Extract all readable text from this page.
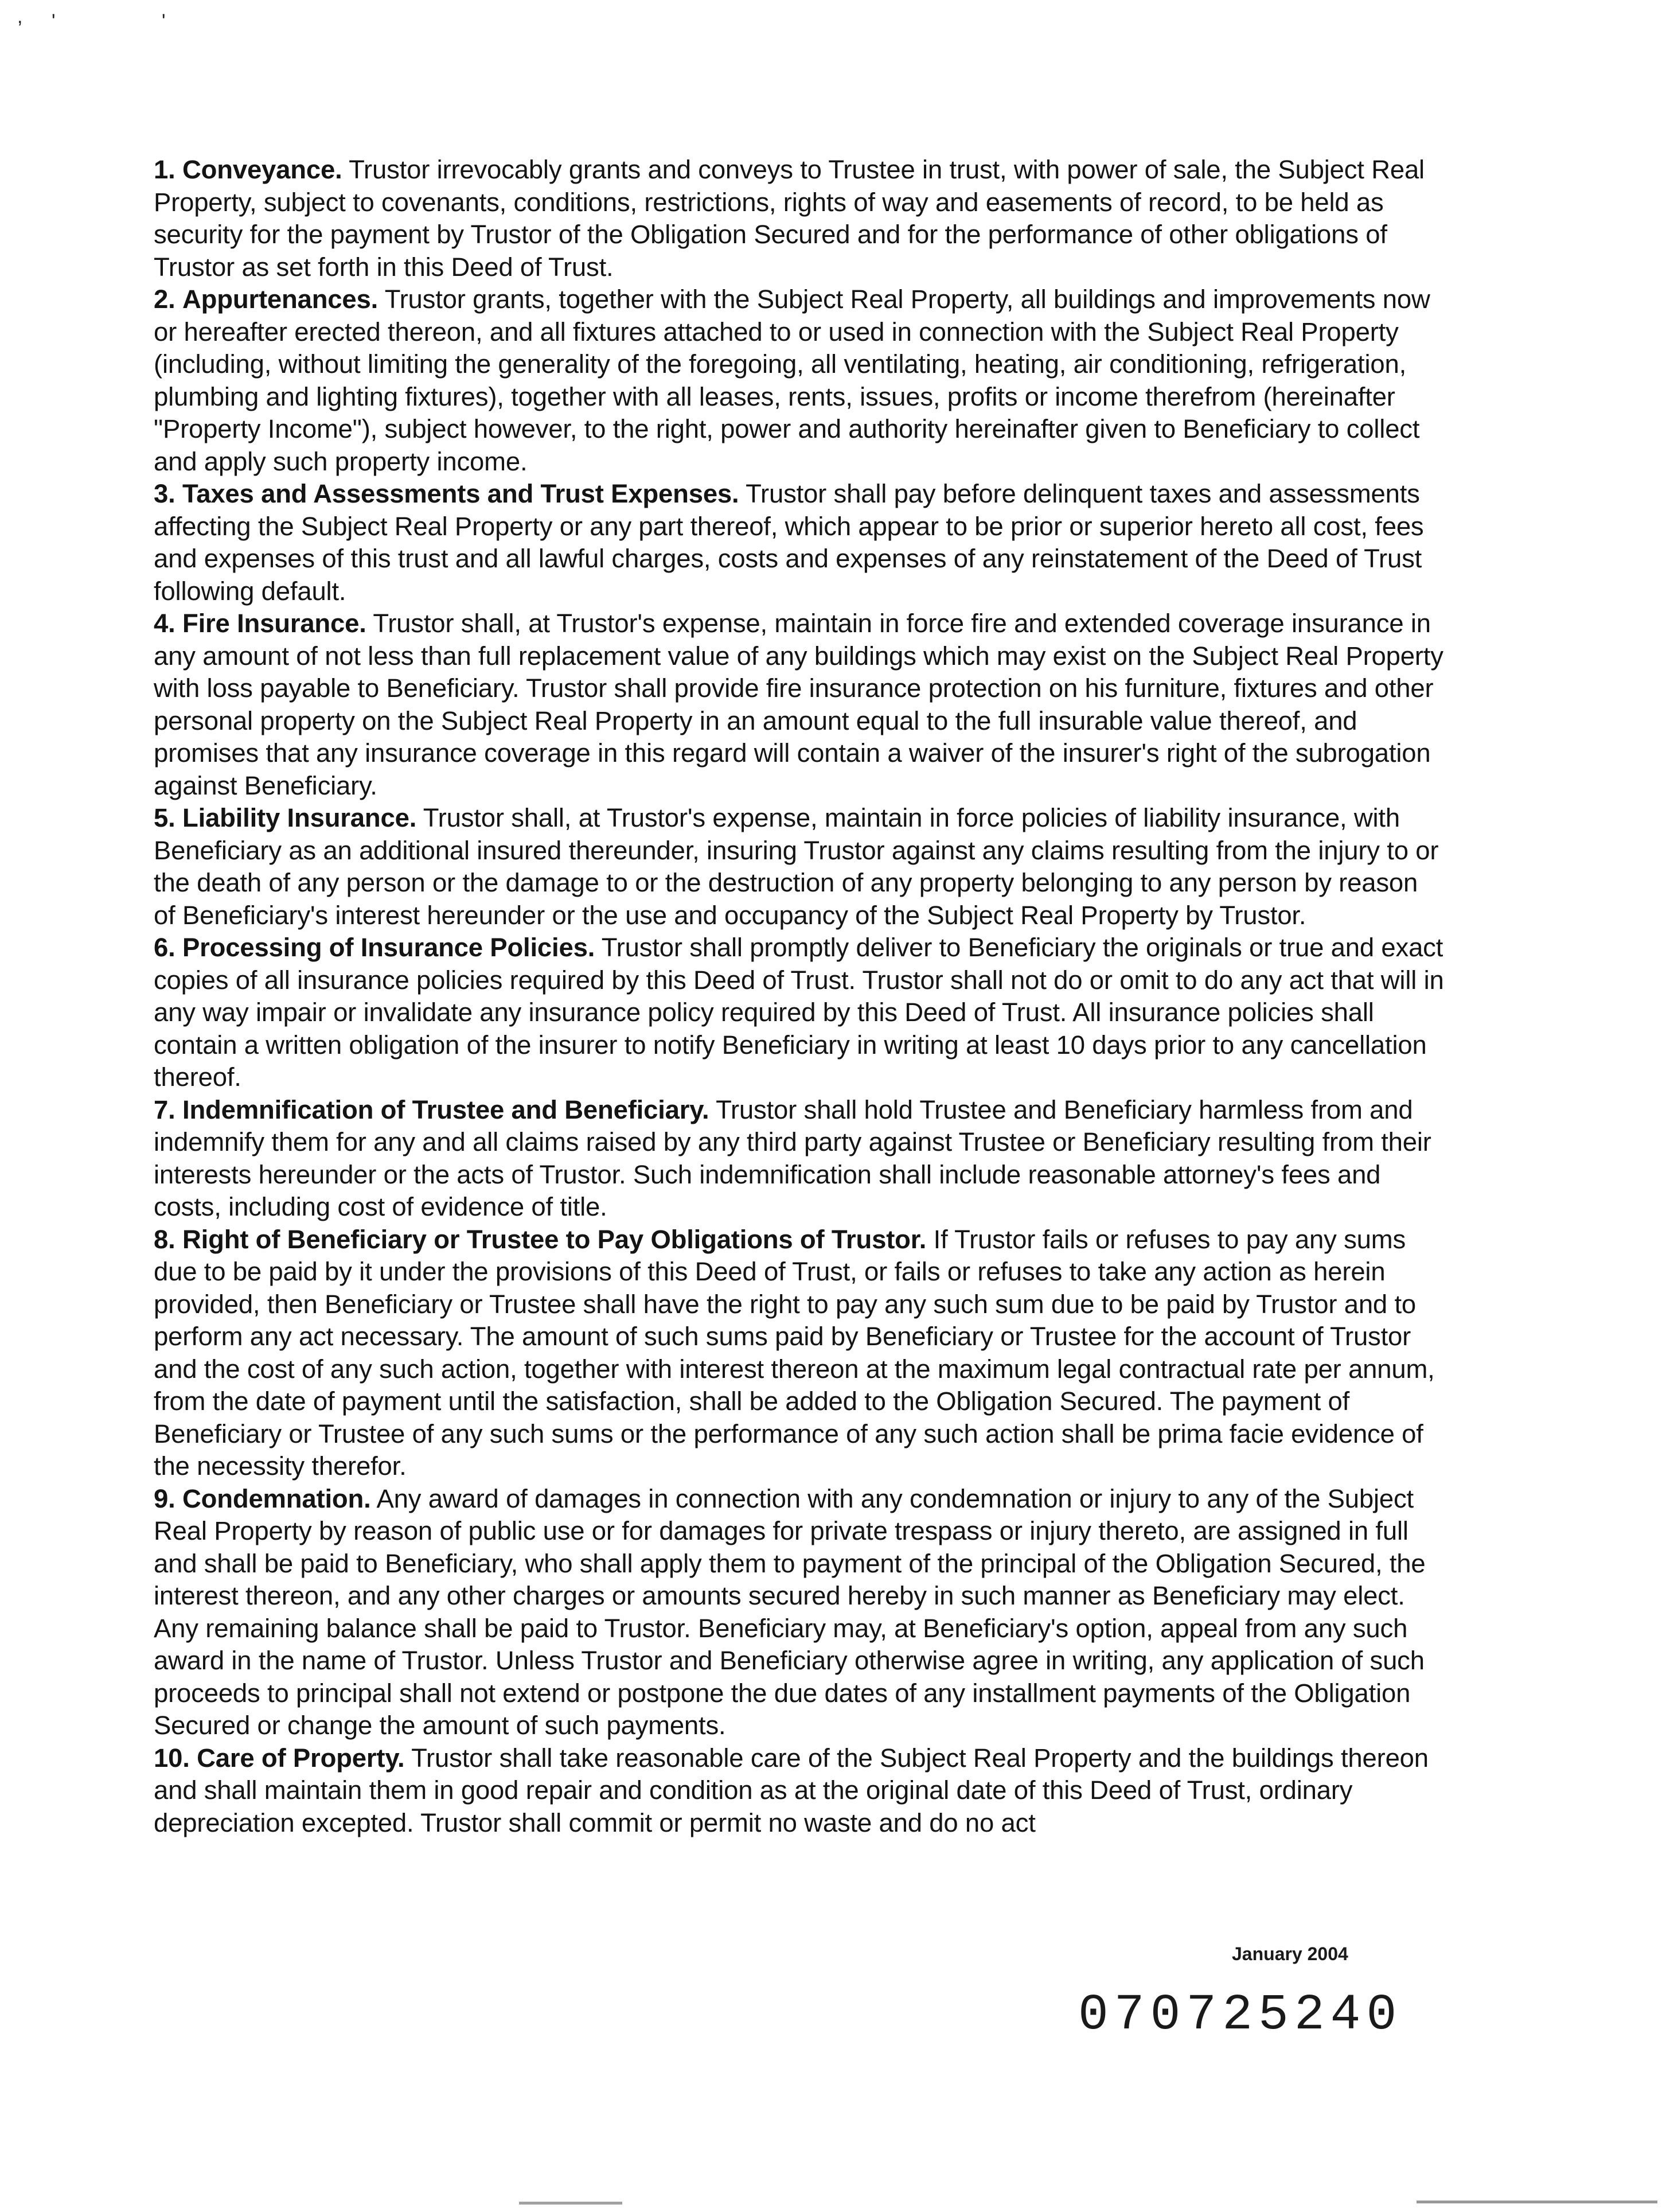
, '	'

1. Conveyance. Trustor irrevocably grants and conveys to Trustee in trust, with power of sale, the Subject Real Property, subject to covenants, conditions, restrictions, rights of way and easements of record, to be held as security for the payment by Trustor of the Obligation Secured and for the performance of other obligations of Trustor as set forth in this Deed of Trust.

2. Appurtenances. Trustor grants, together with the Subject Real Property, all buildings and improvements now or hereafter erected thereon, and all fixtures attached to or used in connection with the Subject Real Property (including, without limiting the generality of the foregoing, all ventilating, heating, air conditioning, refrigeration, plumbing and lighting fixtures), together with all leases, rents, issues, profits or income therefrom (hereinafter "Property Income"), subject however, to the right, power and authority hereinafter given to Beneficiary to collect and apply such property income.

3. Taxes and Assessments and Trust Expenses. Trustor shall pay before delinquent taxes and assessments affecting the Subject Real Property or any part thereof, which appear to be prior or superior hereto all cost, fees and expenses of this trust and all lawful charges, costs and expenses of any reinstatement of the Deed of Trust following default.

4. Fire Insurance. Trustor shall, at Trustor's expense, maintain in force fire and extended coverage insurance in any amount of not less than full replacement value of any buildings which may exist on the Subject Real Property with loss payable to Beneficiary. Trustor shall provide fire insurance protection on his furniture, fixtures and other personal property on the Subject Real Property in an amount equal to the full insurable value thereof, and promises that any insurance coverage in this regard will contain a waiver of the insurer's right of the subrogation against Beneficiary.

5. Liability Insurance. Trustor shall, at Trustor's expense, maintain in force policies of liability insurance, with Beneficiary as an additional insured thereunder, insuring Trustor against any claims resulting from the injury to or the death of any person or the damage to or the destruction of any property belonging to any person by reason of Beneficiary's interest hereunder or the use and occupancy of the Subject Real Property by Trustor.

6. Processing of Insurance Policies. Trustor shall promptly deliver to Beneficiary the originals or true and exact copies of all insurance policies required by this Deed of Trust. Trustor shall not do or omit to do any act that will in any way impair or invalidate any insurance policy required by this Deed of Trust. All insurance policies shall contain a written obligation of the insurer to notify Beneficiary in writing at least 10 days prior to any cancellation thereof.

7. Indemnification of Trustee and Beneficiary. Trustor shall hold Trustee and Beneficiary harmless from and indemnify them for any and all claims raised by any third party against Trustee or Beneficiary resulting from their interests hereunder or the acts of Trustor. Such indemnification shall include reasonable attorney's fees and costs, including cost of evidence of title.

8. Right of Beneficiary or Trustee to Pay Obligations of Trustor. If Trustor fails or refuses to pay any sums due to be paid by it under the provisions of this Deed of Trust, or fails or refuses to take any action as herein provided, then Beneficiary or Trustee shall have the right to pay any such sum due to be paid by Trustor and to perform any act necessary. The amount of such sums paid by Beneficiary or Trustee for the account of Trustor and the cost of any such action, together with interest thereon at the maximum legal contractual rate per annum, from the date of payment until the satisfaction, shall be added to the Obligation Secured. The payment of Beneficiary or Trustee of any such sums or the performance of any such action shall be prima facie evidence of the necessity therefor.

9. Condemnation. Any award of damages in connection with any condemnation or injury to any of the Subject Real Property by reason of public use or for damages for private trespass or injury thereto, are assigned in full and shall be paid to Beneficiary, who shall apply them to payment of the principal of the Obligation Secured, the interest thereon, and any other charges or amounts secured hereby in such manner as Beneficiary may elect. Any remaining balance shall be paid to Trustor. Beneficiary may, at Beneficiary's option, appeal from any such award in the name of Trustor. Unless Trustor and Beneficiary otherwise agree in writing, any application of such proceeds to principal shall not extend or postpone the due dates of any installment payments of the Obligation Secured or change the amount of such payments.

10. Care of Property. Trustor shall take reasonable care of the Subject Real Property and the buildings thereon and shall maintain them in good repair and condition as at the original date of this Deed of Trust, ordinary depreciation excepted. Trustor shall commit or permit no waste and do no act

January 2004
070725240
